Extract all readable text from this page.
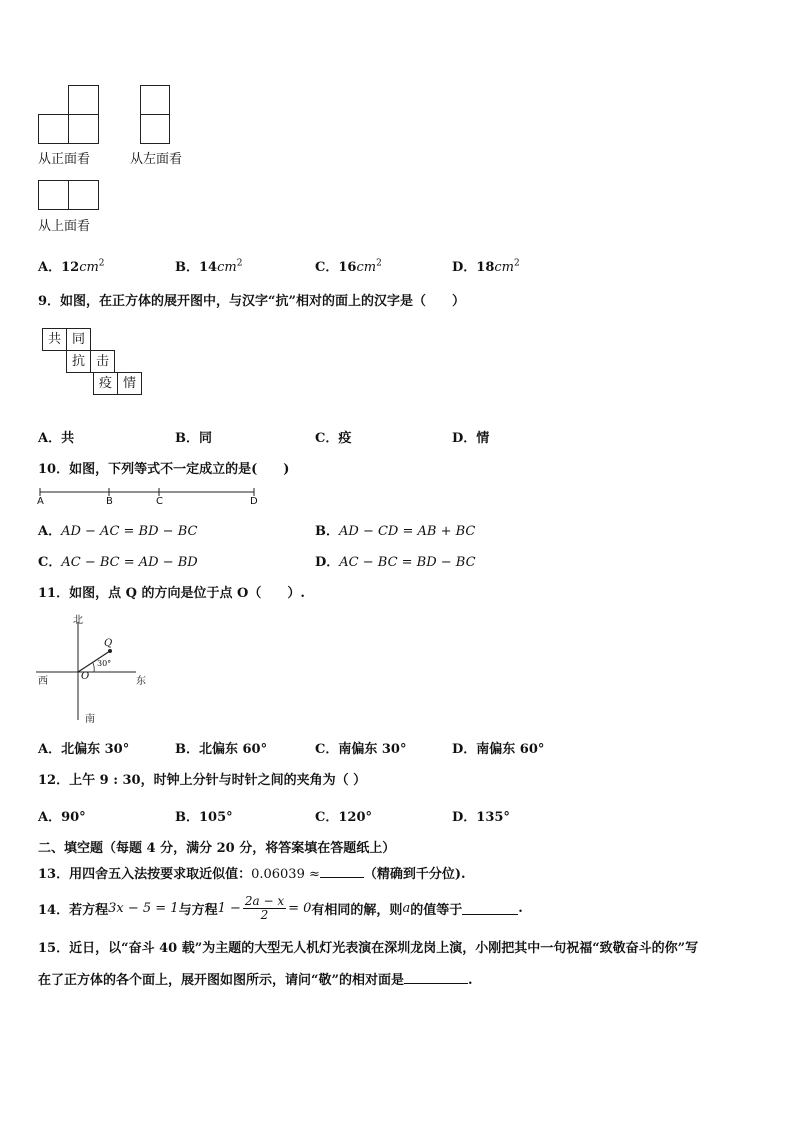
从正面看	从左面看
从上面看
A．$12cm^2$	B．$14cm^2$	C．$16cm^2$	D．$18cm^2$
9．如图，在正方体的展开图中，与汉字“抗”相对的面上的汉字是（　　）
共 同
抗 击
疫 情
A．共	B．同	C．疫	D．情
10．如图，下列等式不一定成立的是(　　)
A	B	C	D
A．AD − AC = BD − BC	B．AD − CD = AB + BC
C．AC − BC = AD − BD	D．AC − BC = BD − BC
11．如图，点 Q 的方向是位于点 O（　　）.
北
南
西	东
O
Q
30°
A．北偏东 30°	B．北偏东 60°	C．南偏东 30°	D．南偏东 60°
12．上午 9 : 30，时钟上分针与时针之间的夹角为（ ）
A．90°	B．105°	C．120°	D．135°
二、填空题（每题 4 分，满分 20 分，将答案填在答题纸上）
13．用四舍五入法按要求取近似值：0.06039 ≈	（精确到千分位).
14．若方程 3x − 5 = 1 与方程 $1 - \frac{2a - x}{2} = 0$ 有相同的解，则 a 的值等于	.
15．近日，以“奋斗 40 载”为主题的大型无人机灯光表演在深圳龙岗上演，小刚把其中一句祝福“致敬奋斗的你”写
在了正方体的各个面上，展开图如图所示，请问“敬”的相对面是	.
